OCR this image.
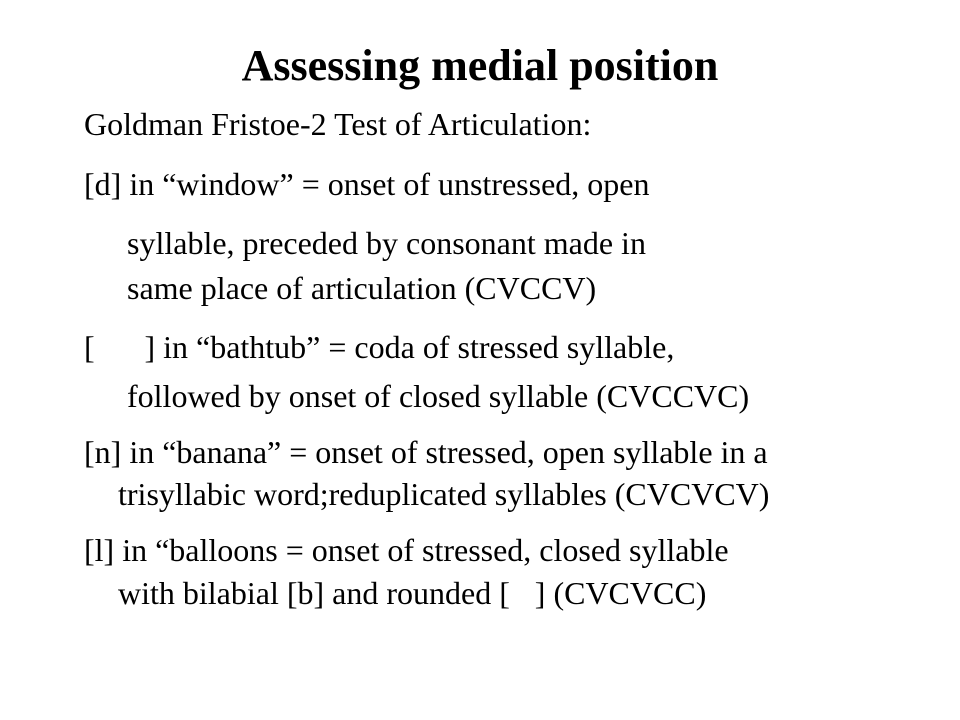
Assessing medial position

Goldman Fristoe-2 Test of Articulation:

[d] in “window” = onset of unstressed, open

syllable, preceded by consonant made in

same place of articulation (CVCCV)

[ ] in “bathtub” = coda of stressed syllable,

followed by onset of closed syllable (CVCCVC)

[n] in “banana” = onset of stressed, open syllable in a

trisyllabic word;reduplicated syllables (CVCVCV)

[l] in “balloons = onset of stressed, closed syllable

with bilabial [b] and rounded [ ] (CVCVCC)
